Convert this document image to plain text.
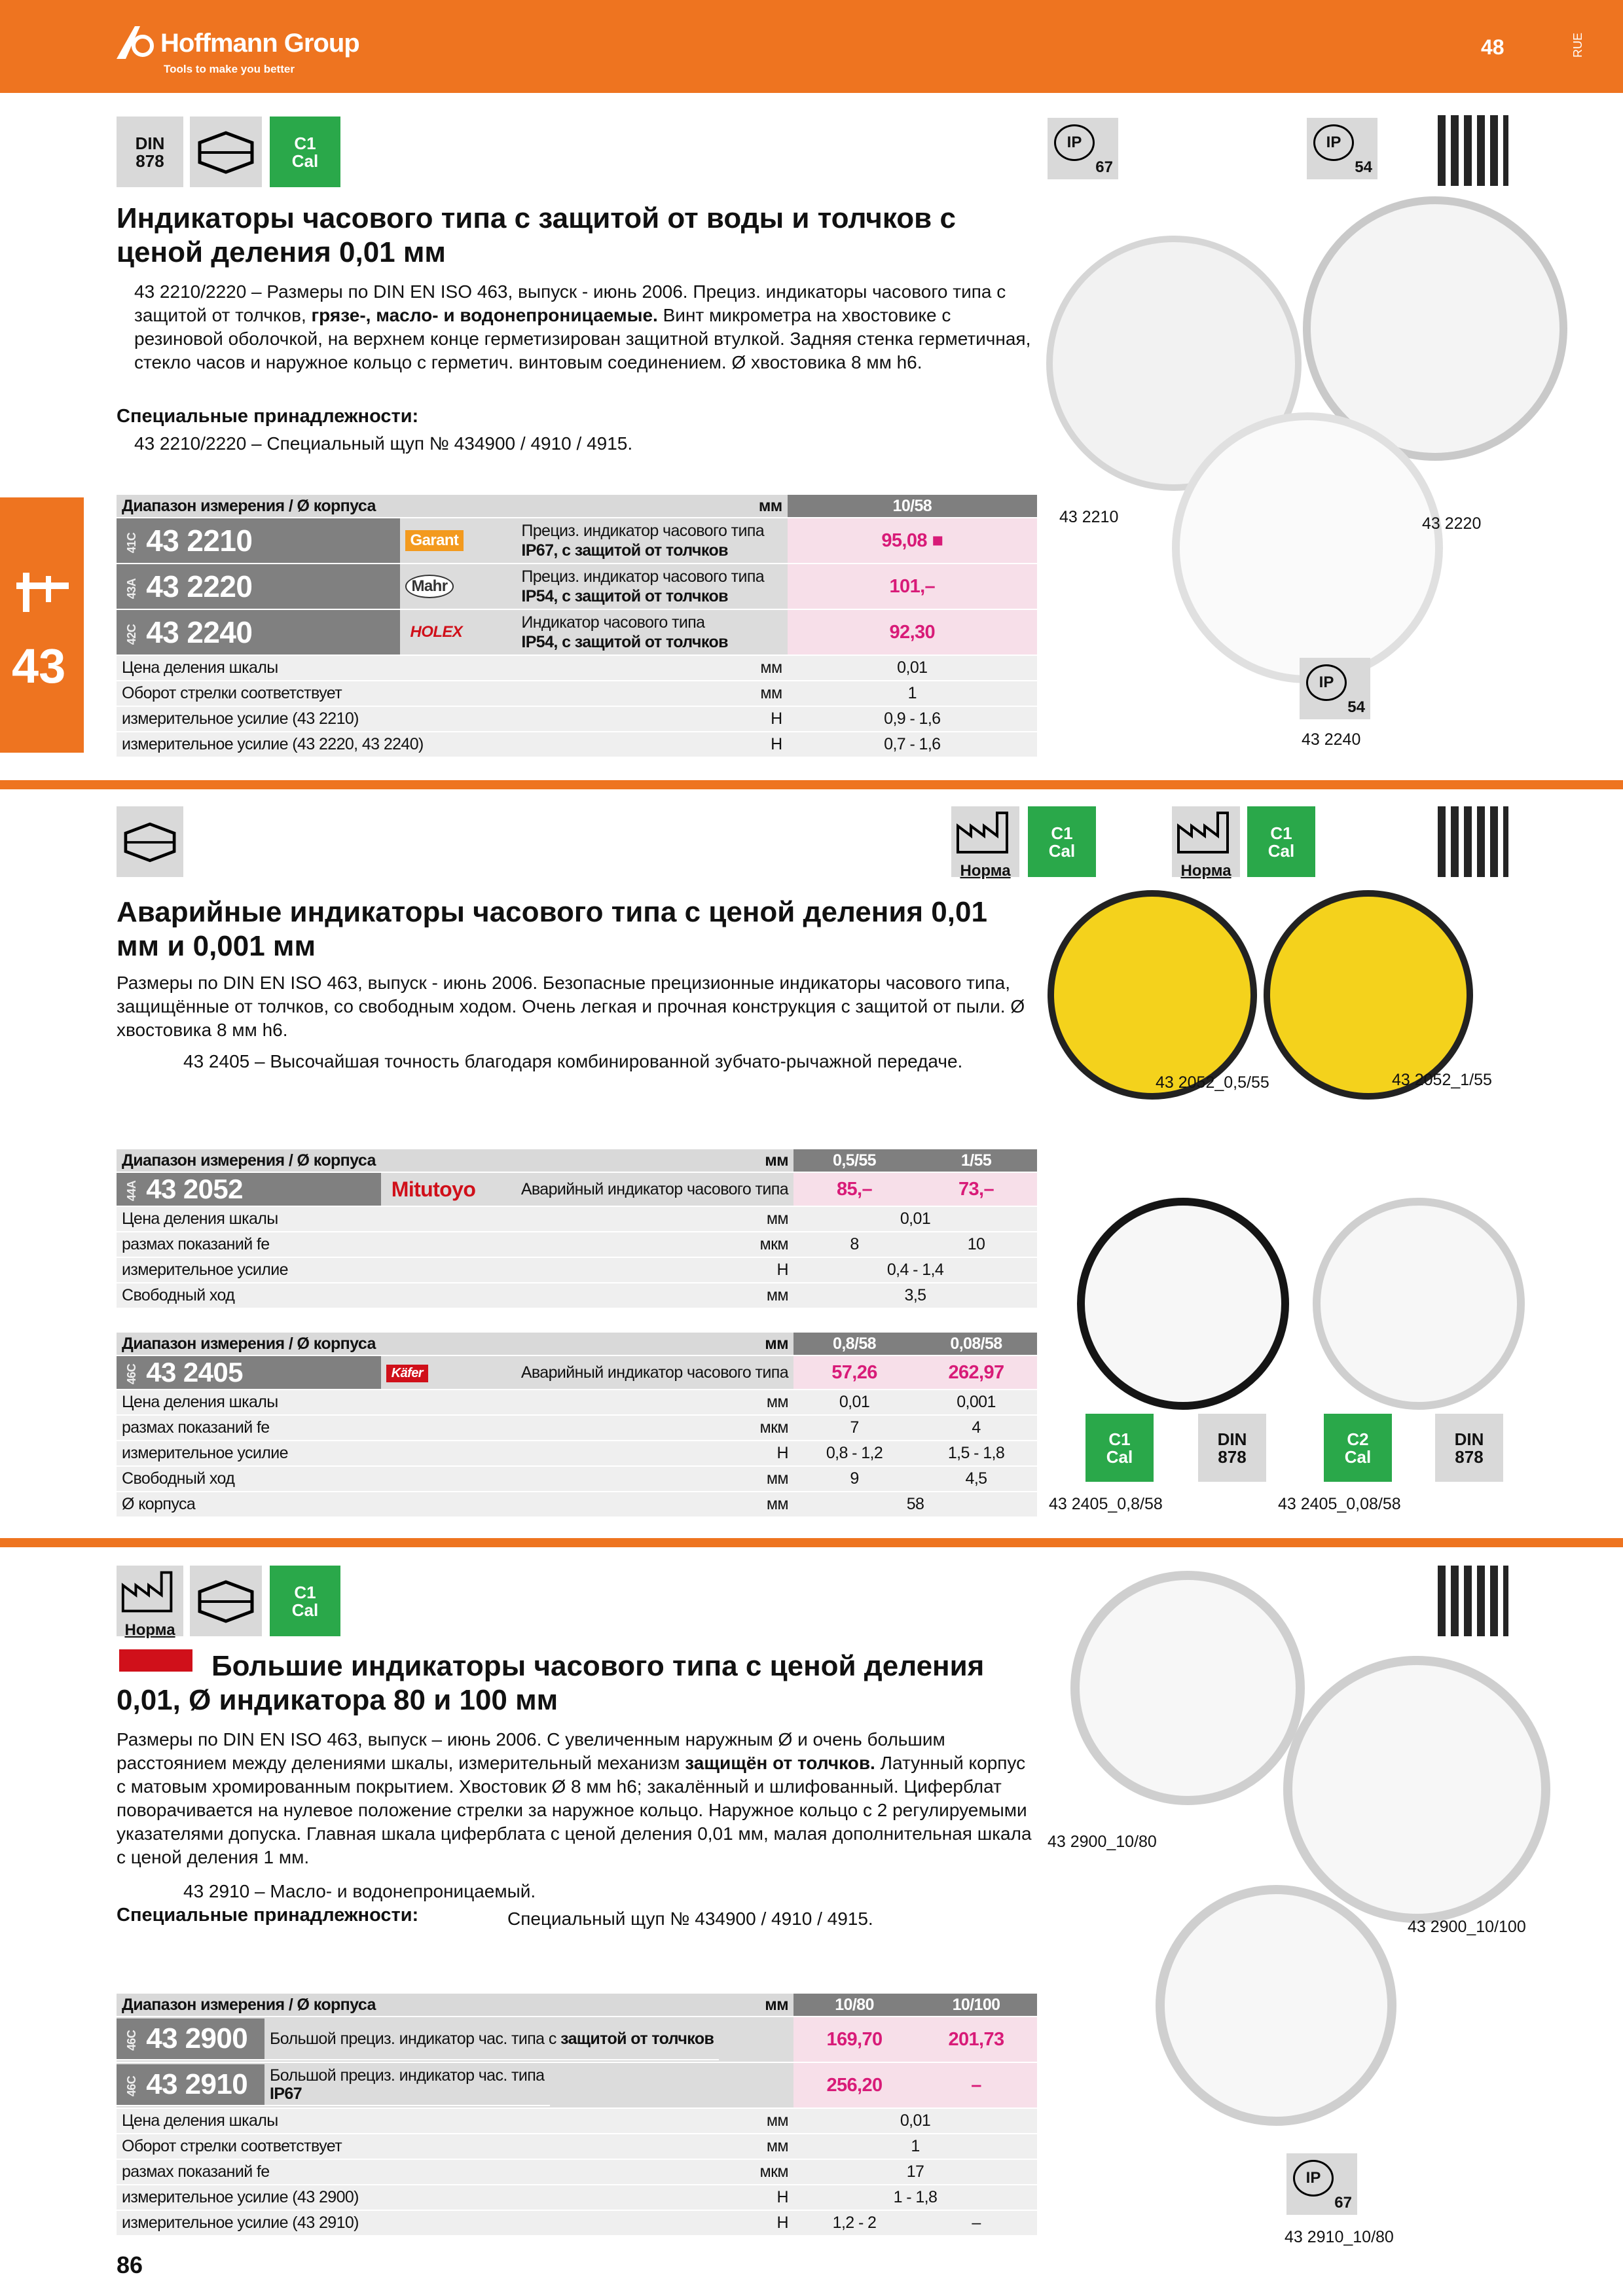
Hoffmann Group
Tools to make you better
48	RUE
43
DIN
878
C1
Cal
IP
67
IP
54
Индикаторы часового типа с защитой от воды и толчков с ценой деления 0,01 мм
43 2210/2220 – Размеры по DIN EN ISO 463, выпуск - июнь 2006. Прециз. индикаторы часового типа с защитой от толчков, грязе-, масло- и водонепроницаемые. Винт микрометра на хвостовике с резиновой оболочкой, на верхнем конце герметизирован защитной втулкой. Задняя стенка герметичная, стекло часов и наружное кольцо с герметич. винтовым соединением. Ø хвостовика 8 мм h6.
Специальные принадлежности:
43 2210/2220 – Специальный щуп № 434900 / 4910 / 4915.
Диапазон измерения / Ø корпуса		мм	10/58
41C 43 2210	Garant	Прециз. индикатор часового типа
IP67, с защитой от толчков	95,08 ■
43A 43 2220	Mahr	Прециз. индикатор часового типа
IP54, с защитой от толчков	101,–
42C 43 2240	HOLEX	Индикатор часового типа
IP54, с защитой от толчков	92,30
Цена деления шкалы		мм	0,01
Оборот стрелки соответствует		мм	1
измерительное усилие (43 2210)		Н	0,9 - 1,6
измерительное усилие (43 2220, 43 2240)		Н	0,7 - 1,6
43 2210	43 2220
IP
54
43 2240
Норма
C1
Cal
Норма
C1
Cal
Аварийные индикаторы часового типа с ценой деления 0,01 мм и 0,001 мм
Размеры по DIN EN ISO 463, выпуск - июнь 2006. Безопасные прецизионные индикаторы часового типа, защищённые от толчков, со свободным ходом. Очень легкая и прочная конструкция с защитой от пыли. Ø хвостовика 8 мм h6.
43 2405 – Высочайшая точность благодаря комбинированной зубчато-рычажной передаче.
Диапазон измерения / Ø корпуса		мм	0,5/55	1/55
44A 43 2052	Mitutoyo	Аварийный индикатор часового типа	85,–	73,–
Цена деления шкалы		мм	0,01	
размах показаний fe		мкм	8	10
измерительное усилие		Н	0,4 - 1,4	
Свободный ход		мм	3,5	
Диапазон измерения / Ø корпуса		мм	0,8/58	0,08/58
46C 43 2405	Käfer	Аварийный индикатор часового типа	57,26	262,97
Цена деления шкалы		мм	0,01	0,001
размах показаний fe		мкм	7	4
измерительное усилие		Н	0,8 - 1,2	1,5 - 1,8
Свободный ход		мм	9	4,5
Ø корпуса		мм	58	
43 2052_0,5/55	43 2052_1/55
C1
Cal
DIN
878
C2
Cal
DIN
878
43 2405_0,8/58	43 2405_0,08/58
Норма
C1
Cal
Большие индикаторы часового типа с ценой деления 0,01, Ø индикатора 80 и 100 мм
Размеры по DIN EN ISO 463, выпуск – июнь 2006. С увеличенным наружным Ø и очень большим расстоянием между делениями шкалы, измерительный механизм защищён от толчков. Латунный корпус с матовым хромированным покрытием. Хвостовик Ø 8 мм h6; закалённый и шлифованный. Циферблат поворачивается на нулевое положение стрелки за наружное кольцо. Наружное кольцо с 2 регулируемыми указателями допуска. Главная шкала циферблата с ценой деления 0,01 мм, малая дополнительная шкала с ценой деления 1 мм.
43 2910 – Масло- и водонепроницаемый.
Специальные принадлежности:	Специальный щуп № 434900 / 4910 / 4915.
Диапазон измерения / Ø корпуса	мм	10/80	10/100

46C 43 2900	Большой прециз. индикатор час. типа с защитой от толчков
			169,70	201,73

46C 43 2910	Большой прециз. индикатор час. типа
IP67
			256,20	–
Цена деления шкалы	мм	0,01
Оборот стрелки соответствует	мм	1
размах показаний fe	мкм	17
измерительное усилие (43 2900)	Н	1 - 1,8
измерительное усилие (43 2910)	Н	1,2 - 2	–
43 2900_10/80
43 2900_10/100
IP
67
43 2910_10/80
86
